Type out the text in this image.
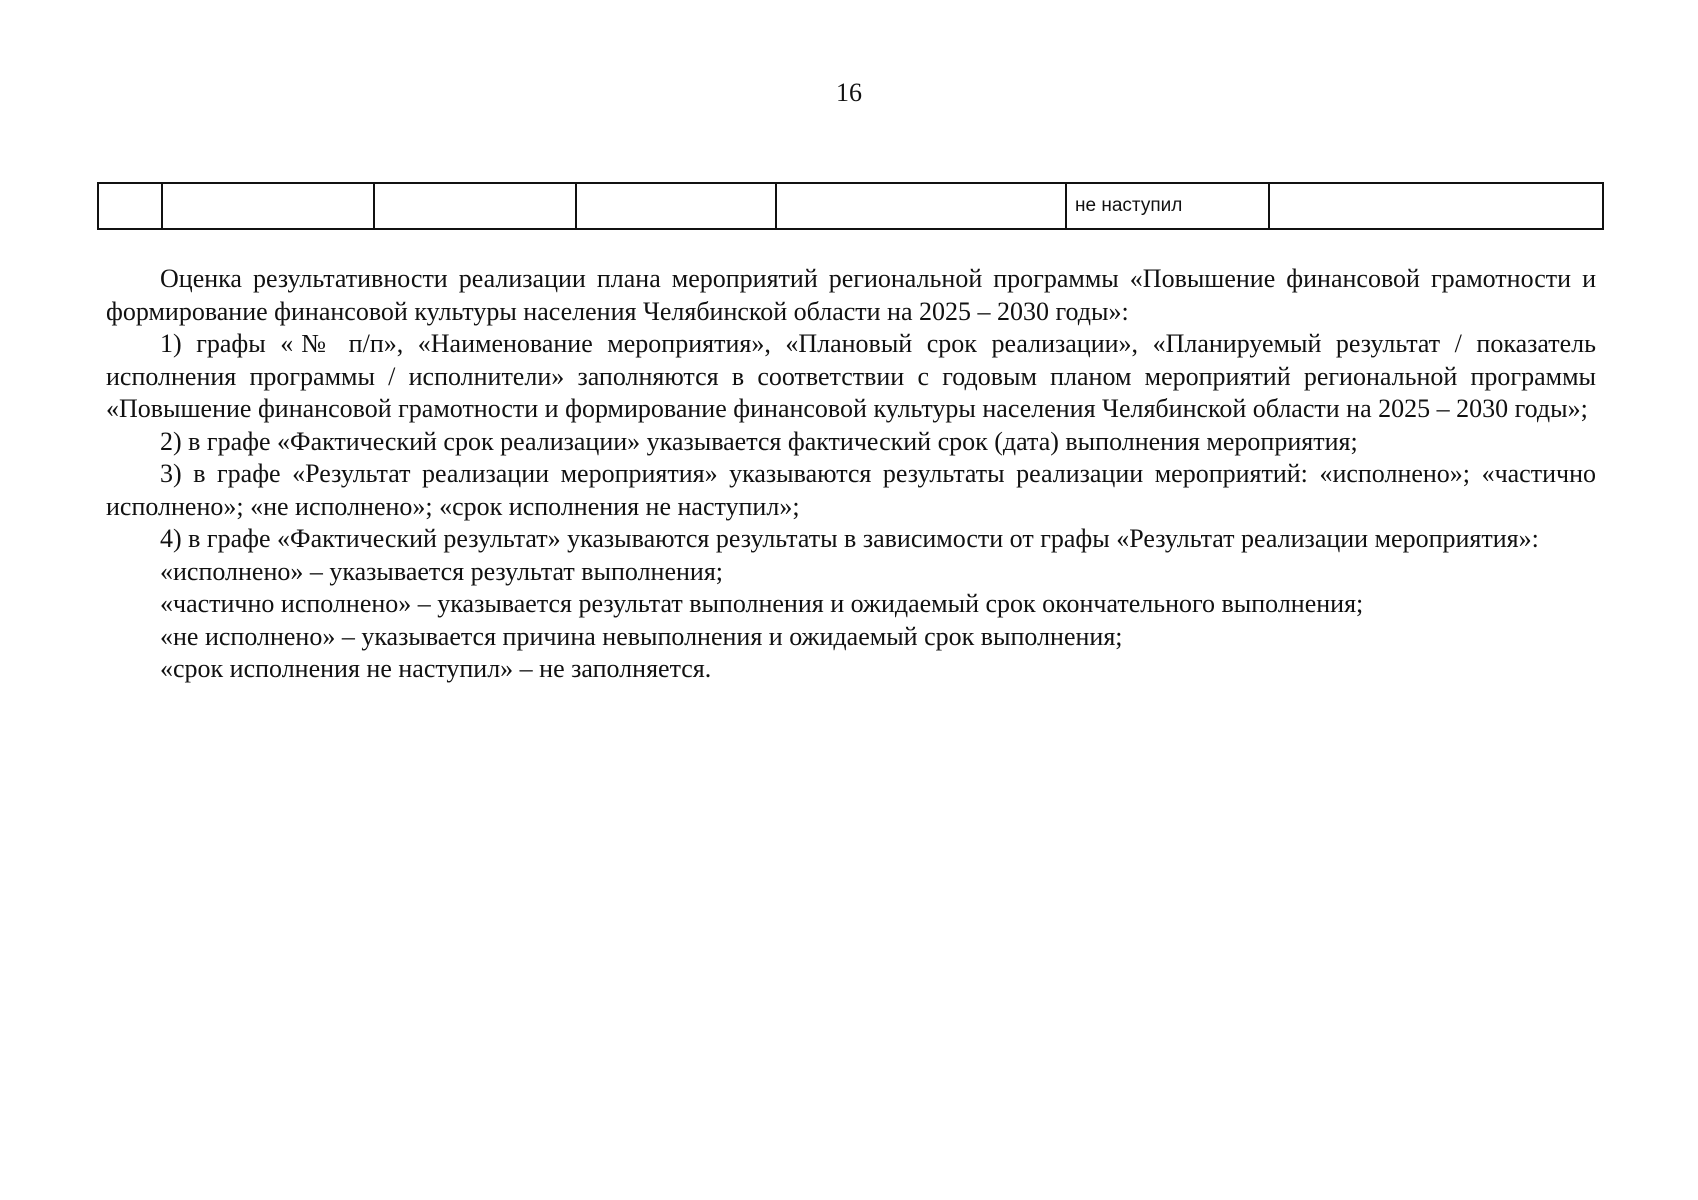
16
					не наступил	

Оценка результативности реализации плана мероприятий региональной программы «Повышение финансовой грамотности и формирование финансовой культуры населения Челябинской области на 2025 – 2030 годы»:

1) графы «№ п/п», «Наименование мероприятия», «Плановый срок реализации», «Планируемый результат / показатель исполнения программы / исполнители» заполняются в соответствии с годовым планом мероприятий региональной программы «Повышение финансовой грамотности и формирование финансовой культуры населения Челябинской области на 2025 – 2030 годы»;

2) в графе «Фактический срок реализации» указывается фактический срок (дата) выполнения мероприятия;

3) в графе «Результат реализации мероприятия» указываются результаты реализации мероприятий: «исполнено»; «частично исполнено»; «не исполнено»; «срок исполнения не наступил»;

4) в графе «Фактический результат» указываются результаты в зависимости от графы «Результат реализации мероприятия»:

«исполнено» – указывается результат выполнения;

«частично исполнено» – указывается результат выполнения и ожидаемый срок окончательного выполнения;

«не исполнено» – указывается причина невыполнения и ожидаемый срок выполнения;

«срок исполнения не наступил» – не заполняется.
